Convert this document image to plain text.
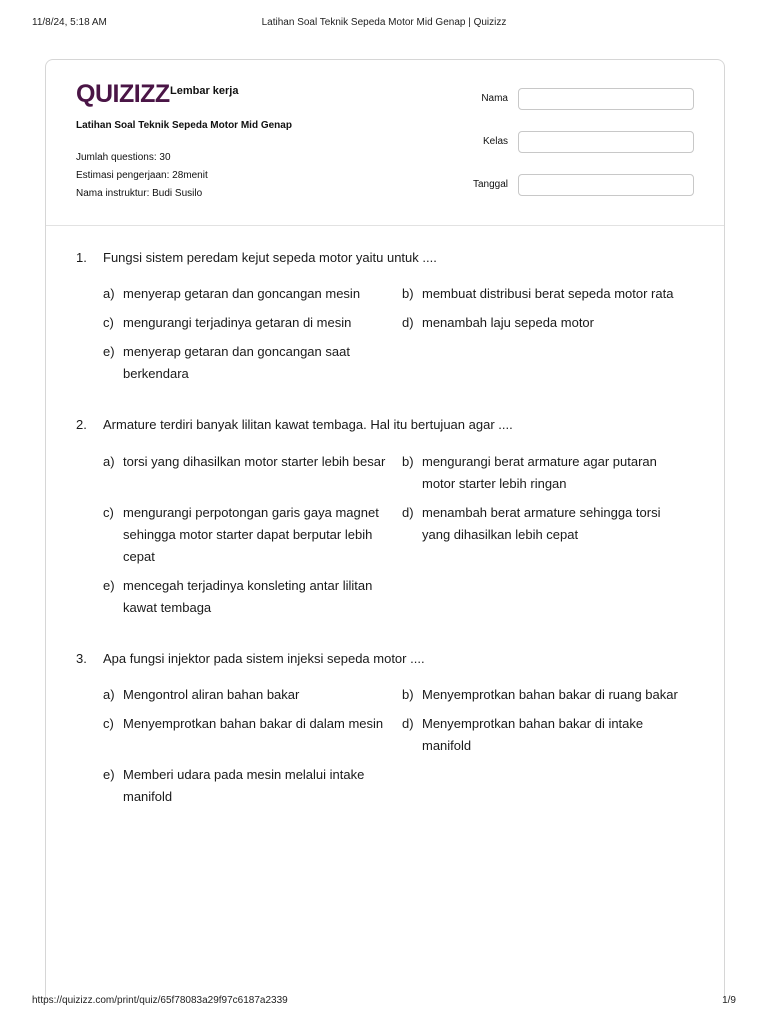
11/8/24, 5:18 AM	Latihan Soal Teknik Sepeda Motor Mid Genap | Quizizz
QUIZIZZ Lembar kerja
Latihan Soal Teknik Sepeda Motor Mid Genap
Jumlah questions: 30
Estimasi pengerjaan: 28menit
Nama instruktur: Budi Susilo
Nama
Kelas
Tanggal
1. Fungsi sistem peredam kejut sepeda motor yaitu untuk ....
a) menyerap getaran dan goncangan mesin	b) membuat distribusi berat sepeda motor rata
c) mengurangi terjadinya getaran di mesin	d) menambah laju sepeda motor
e) menyerap getaran dan goncangan saat berkendara
2. Armature terdiri banyak lilitan kawat tembaga. Hal itu bertujuan agar ....
a) torsi yang dihasilkan motor starter lebih besar	b) mengurangi berat armature agar putaran motor starter lebih ringan
c) mengurangi perpotongan garis gaya magnet sehingga motor starter dapat berputar lebih cepat
d) menambah berat armature sehingga torsi yang dihasilkan lebih cepat
e) mencegah terjadinya konsleting antar lilitan kawat tembaga
3. Apa fungsi injektor pada sistem injeksi sepeda motor ....
a) Mengontrol aliran bahan bakar	b) Menyemprotkan bahan bakar di ruang bakar
c) Menyemprotkan bahan bakar di dalam mesin	d) Menyemprotkan bahan bakar di intake manifold
e) Memberi udara pada mesin melalui intake manifold
https://quizizz.com/print/quiz/65f78083a29f97c6187a2339	1/9
